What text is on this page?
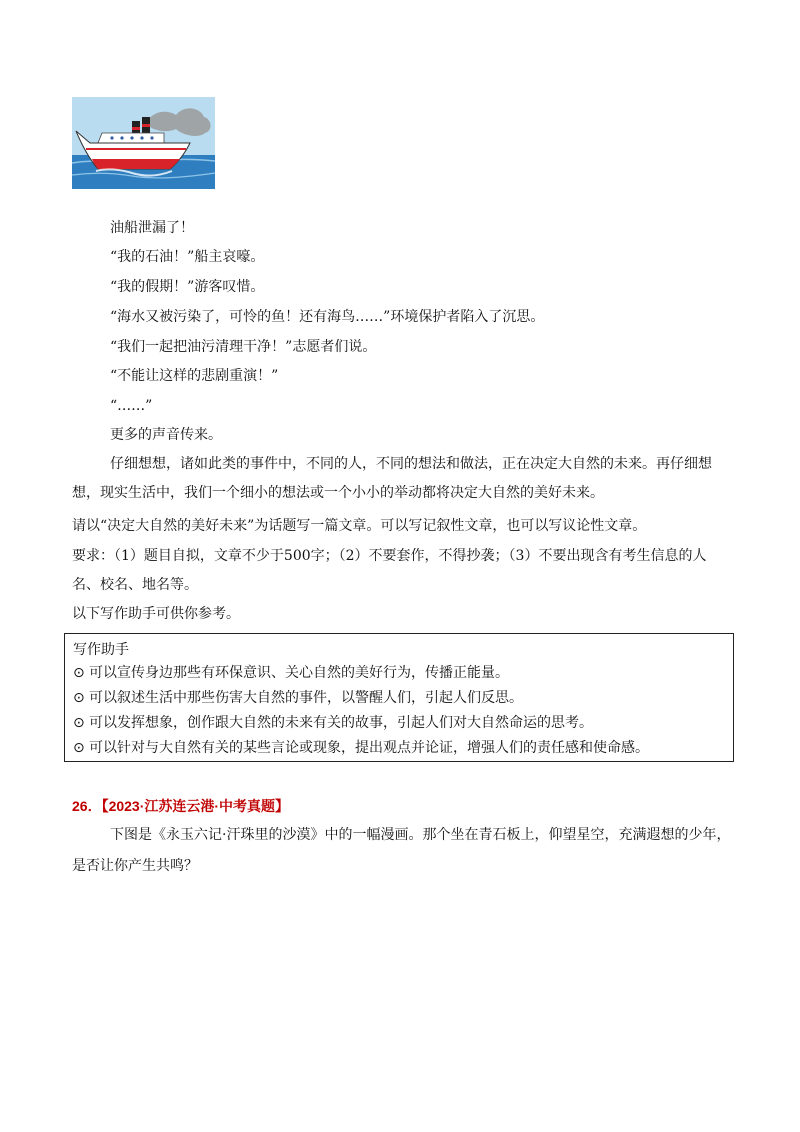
油船泄漏了！
“我的石油！”船主哀嚎。
“我的假期！”游客叹惜。
“海水又被污染了，可怜的鱼！还有海鸟……”环境保护者陷入了沉思。
“我们一起把油污清理干净！”志愿者们说。
“不能让这样的悲剧重演！”
“……”
更多的声音传来。
仔细想想，诸如此类的事件中，不同的人，不同的想法和做法，正在决定大自然的未来。再仔细想想，现实生活中，我们一个细小的想法或一个小小的举动都将决定大自然的美好未来。
请以“决定大自然的美好未来”为话题写一篇文章。可以写记叙性文章，也可以写议论性文章。
要求：（1）题目自拟，文章不少于500字；（2）不要套作，不得抄袭；（3）不要出现含有考生信息的人
名、校名、地名等。
以下写作助手可供你参考。
写作助手
⊙ 可以宣传身边那些有环保意识、关心自然的美好行为，传播正能量。
⊙ 可以叙述生活中那些伤害大自然的事件，以警醒人们，引起人们反思。
⊙ 可以发挥想象，创作跟大自然的未来有关的故事，引起人们对大自然命运的思考。
⊙ 可以针对与大自然有关的某些言论或现象，提出观点并论证，增强人们的责任感和使命感。
26．【2023·江苏连云港·中考真题】
下图是《永玉六记·汗珠里的沙漠》中的一幅漫画。那个坐在青石板上，仰望星空，充满遐想的少年，是否让你产生共鸣？
